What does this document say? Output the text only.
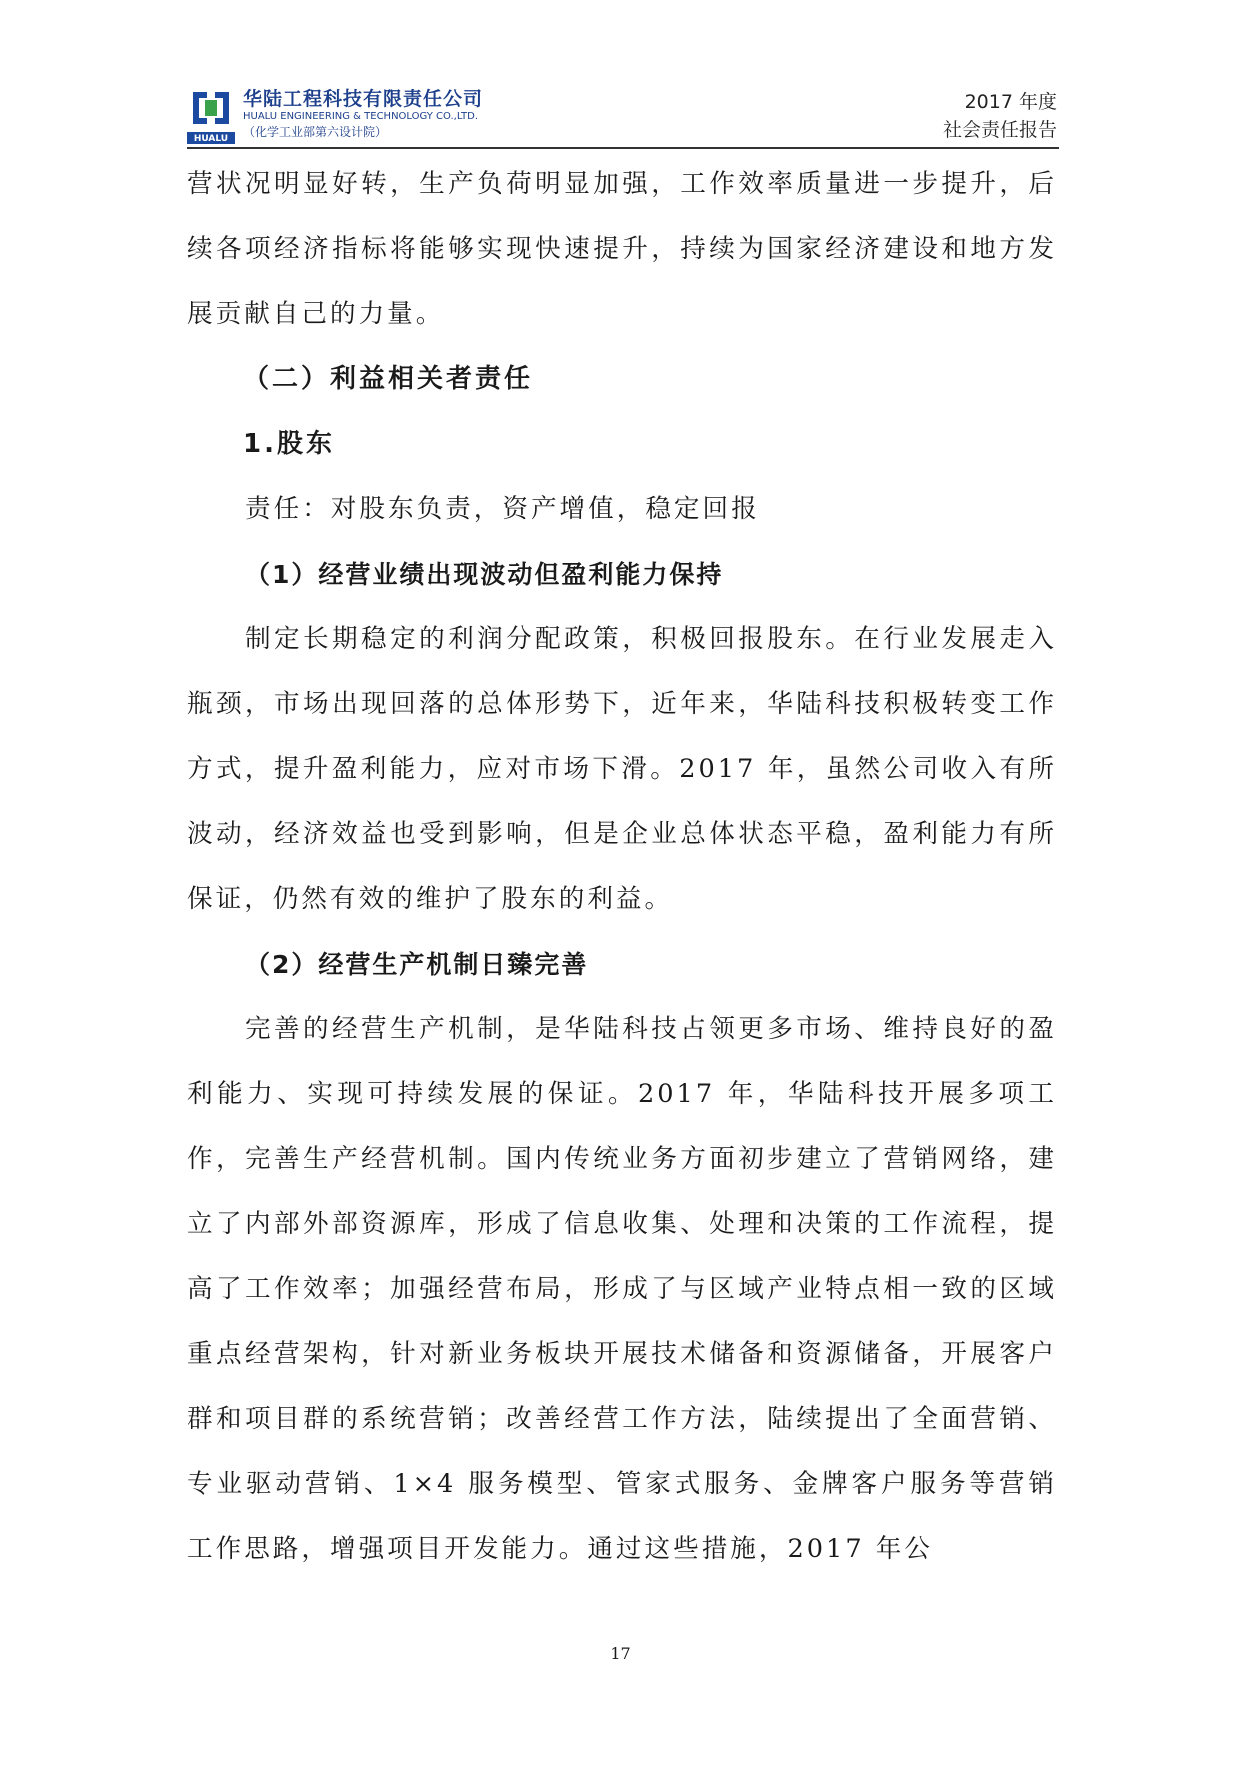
HUALU
华陆工程科技有限责任公司
HUALU ENGINEERING & TECHNOLOGY CO.,LTD.
（化学工业部第六设计院）
2017 年度
社会责任报告

营状况明显好转，生产负荷明显加强，工作效率质量进一步提升，后续各项经济指标将能够实现快速提升，持续为国家经济建设和地方发展贡献自己的力量。

（二）利益相关者责任
1.股东

责任：对股东负责，资产增值，稳定回报

（1）经营业绩出现波动但盈利能力保持

制定长期稳定的利润分配政策，积极回报股东。在行业发展走入瓶颈，市场出现回落的总体形势下，近年来，华陆科技积极转变工作方式，提升盈利能力，应对市场下滑。2017 年，虽然公司收入有所波动，经济效益也受到影响，但是企业总体状态平稳，盈利能力有所保证，仍然有效的维护了股东的利益。

（2）经营生产机制日臻完善

完善的经营生产机制，是华陆科技占领更多市场、维持良好的盈利能力、实现可持续发展的保证。2017 年，华陆科技开展多项工作，完善生产经营机制。国内传统业务方面初步建立了营销网络，建立了内部外部资源库，形成了信息收集、处理和决策的工作流程，提高了工作效率；加强经营布局，形成了与区域产业特点相一致的区域重点经营架构，针对新业务板块开展技术储备和资源储备，开展客户群和项目群的系统营销；改善经营工作方法，陆续提出了全面营销、专业驱动营销、1×4 服务模型、管家式服务、金牌客户服务等营销工作思路，增强项目开发能力。通过这些措施，2017 年公

17
